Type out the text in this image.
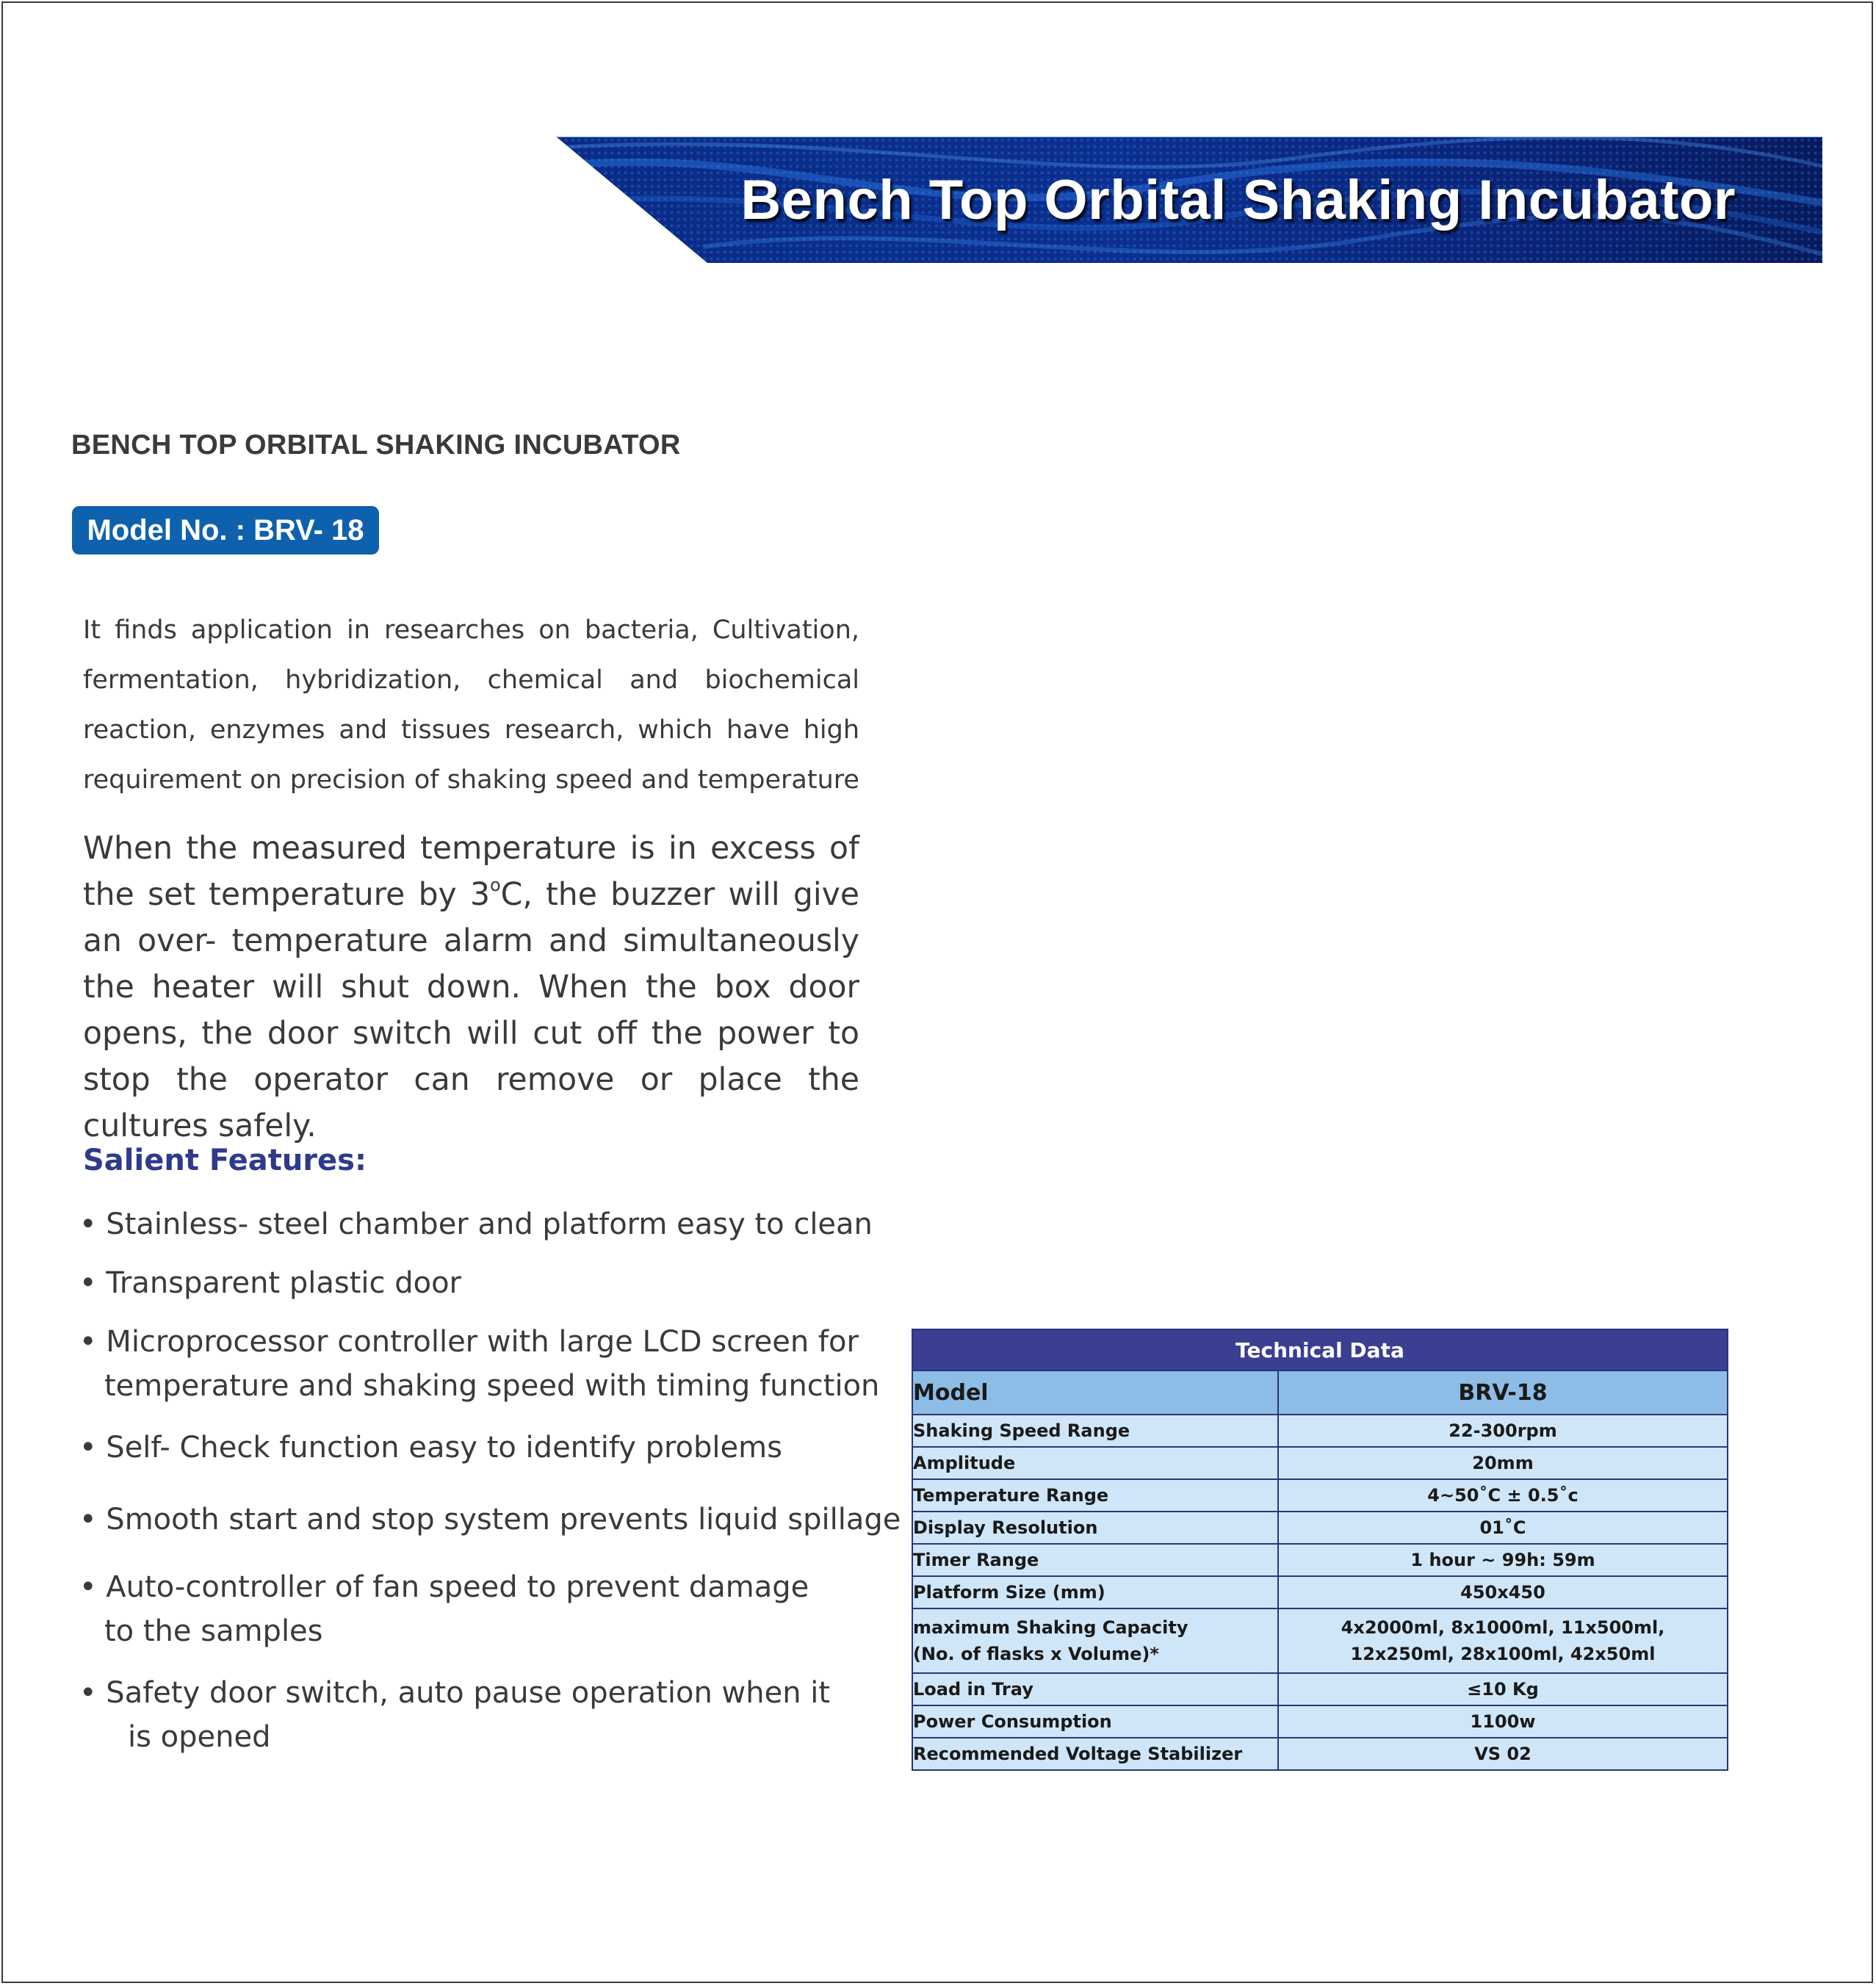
Bench Top Orbital Shaking Incubator
BENCH TOP ORBITAL SHAKING INCUBATOR
Model No. : BRV- 18
It finds application in researches on bacteria, Cultivation, fermentation, hybridization, chemical and biochemical reaction, enzymes and tissues research, which have high requirement on precision of shaking speed and temperature
When the measured temperature is in excess of the set temperature by 3$^o$C, the buzzer will give an over- temperature alarm and simultaneously the heater will shut down. When the box door opens, the door switch will cut off the power to stop the operator can remove or place the cultures safely.
Salient Features:
• Stainless- steel chamber and platform easy to clean
• Transparent plastic door
• Microprocessor controller with large LCD screen for
temperature and shaking speed with timing function
• Self- Check function easy to identify problems
• Smooth start and stop system prevents liquid spillage
• Auto-controller of fan speed to prevent damage
to the samples
• Safety door switch, auto pause operation when it
is opened
Technical Data	
Model	BRV-18
Shaking Speed Range	22-300rpm
Amplitude	20mm
Temperature Range	4~50˚C ± 0.5˚c
Display Resolution	01˚C
Timer Range	1 hour ~ 99h: 59m
Platform Size (mm)	450x450
maximum Shaking Capacity
(No. of flasks x Volume)*	4x2000ml, 8x1000ml, 11x500ml,
12x250ml, 28x100ml, 42x50ml
Load in Tray	≤10 Kg
Power Consumption	1100w
Recommended Voltage Stabilizer	VS 02
